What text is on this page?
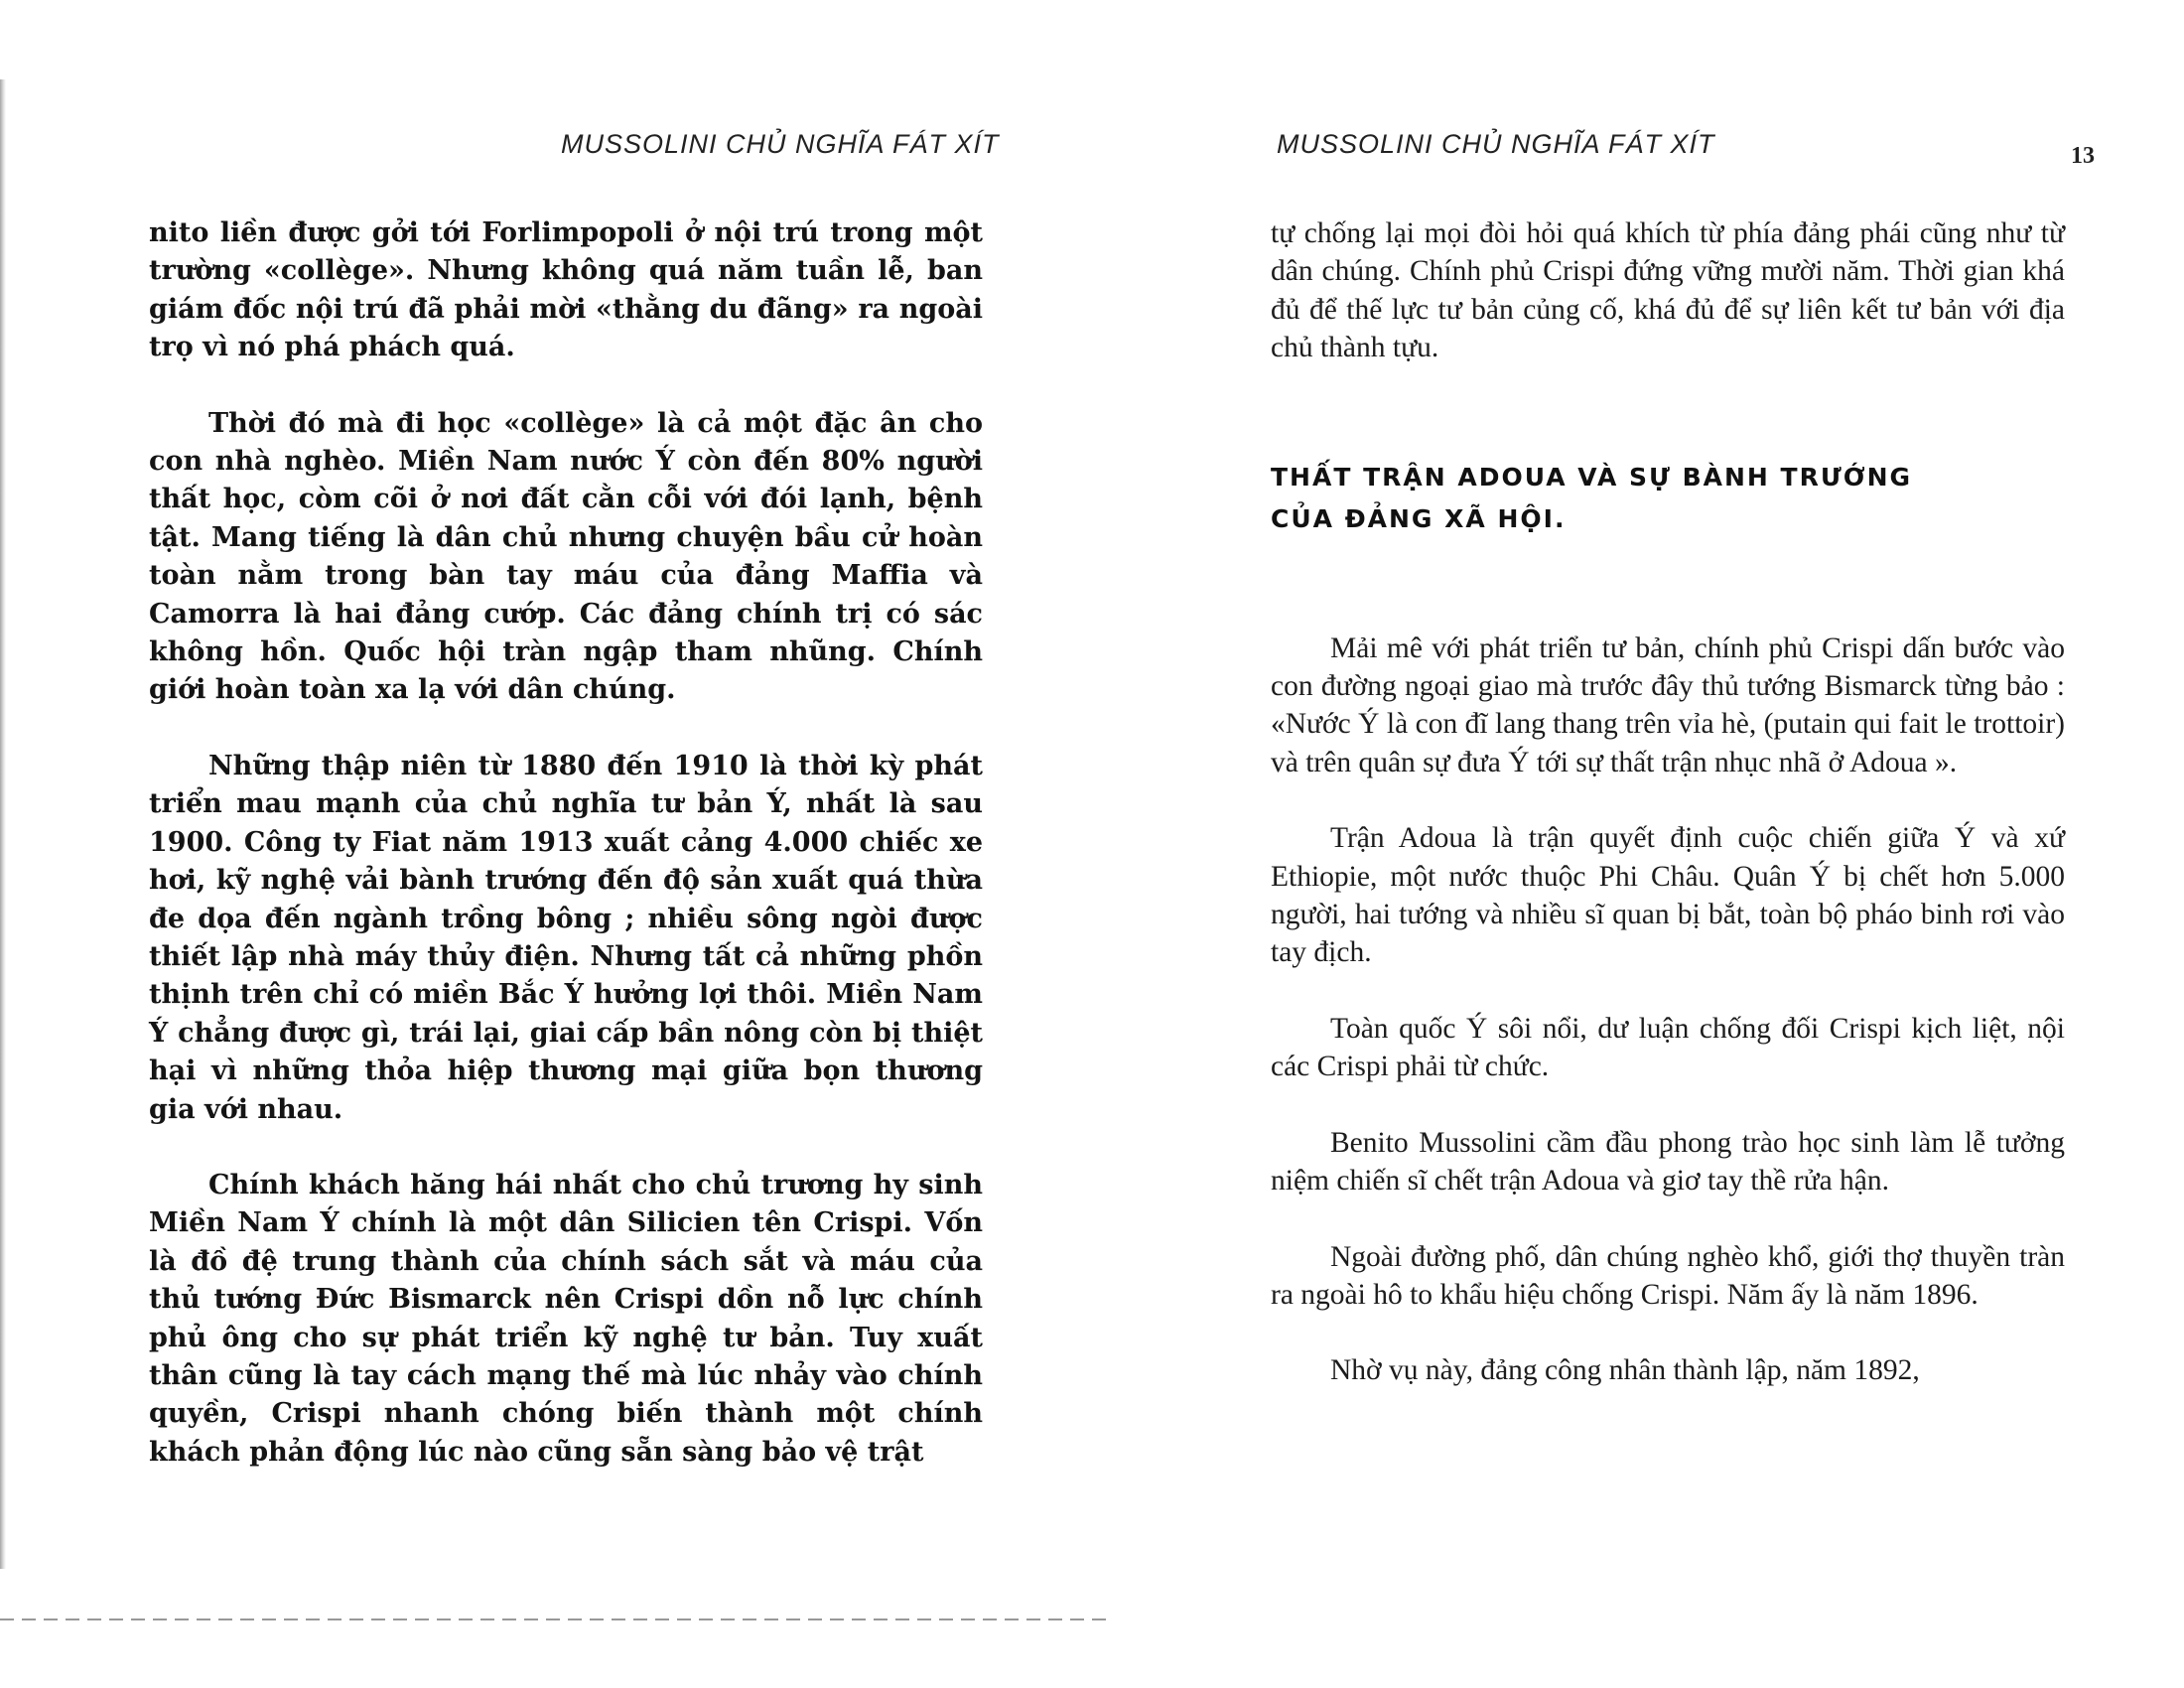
MUSSOLINI CHỦ NGHĨA FÁT XÍT

nito liền được gởi tới Forlimpopoli ở nội trú trong một trường «collège». Nhưng không quá năm tuần lễ, ban giám đốc nội trú đã phải mời «thằng du đãng» ra ngoài trọ vì nó phá phách quá.

Thời đó mà đi học «collège» là cả một đặc ân cho con nhà nghèo. Miền Nam nước Ý còn đến 80% người thất học, còm cõi ở nơi đất cằn cỗi với đói lạnh, bệnh tật. Mang tiếng là dân chủ nhưng chuyện bầu cử hoàn toàn nằm trong bàn tay máu của đảng Maffia và Camorra là hai đảng cướp. Các đảng chính trị có sác không hồn. Quốc hội tràn ngập tham nhũng. Chính giới hoàn toàn xa lạ với dân chúng.

Những thập niên từ 1880 đến 1910 là thời kỳ phát triển mau mạnh của chủ nghĩa tư bản Ý, nhất là sau 1900. Công ty Fiat năm 1913 xuất cảng 4.000 chiếc xe hơi, kỹ nghệ vải bành trướng đến độ sản xuất quá thừa đe dọa đến ngành trồng bông ; nhiều sông ngòi được thiết lập nhà máy thủy điện. Nhưng tất cả những phồn thịnh trên chỉ có miền Bắc Ý hưởng lợi thôi. Miền Nam Ý chẳng được gì, trái lại, giai cấp bần nông còn bị thiệt hại vì những thỏa hiệp thương mại giữa bọn thương gia với nhau.

Chính khách hăng hái nhất cho chủ trương hy sinh Miền Nam Ý chính là một dân Silicien tên Crispi. Vốn là đồ đệ trung thành của chính sách sắt và máu của thủ tướng Đức Bismarck nên Crispi dồn nỗ lực chính phủ ông cho sự phát triển kỹ nghệ tư bản. Tuy xuất thân cũng là tay cách mạng thế mà lúc nhảy vào chính quyền, Crispi nhanh chóng biến thành một chính khách phản động lúc nào cũng sẵn sàng bảo vệ trật

MUSSOLINI CHỦ NGHĨA FÁT XÍT	13

tự chống lại mọi đòi hỏi quá khích từ phía đảng phái cũng như từ dân chúng. Chính phủ Crispi đứng vững mười năm. Thời gian khá đủ để thế lực tư bản củng cố, khá đủ để sự liên kết tư bản với địa chủ thành tựu.

THẤT TRẬN ADOUA VÀ SỰ BÀNH TRƯỚNG
CỦA ĐẢNG XÃ HỘI.

Mải mê với phát triển tư bản, chính phủ Crispi dấn bước vào con đường ngoại giao mà trước đây thủ tướng Bismarck từng bảo : «Nước Ý là con đĩ lang thang trên vỉa hè, (putain qui fait le trottoir) và trên quân sự đưa Ý tới sự thất trận nhục nhã ở Adoua ».

Trận Adoua là trận quyết định cuộc chiến giữa Ý và xứ Ethiopie, một nước thuộc Phi Châu. Quân Ý bị chết hơn 5.000 người, hai tướng và nhiều sĩ quan bị bắt, toàn bộ pháo binh rơi vào tay địch.

Toàn quốc Ý sôi nổi, dư luận chống đối Crispi kịch liệt, nội các Crispi phải từ chức.

Benito Mussolini cầm đầu phong trào học sinh làm lễ tưởng niệm chiến sĩ chết trận Adoua và giơ tay thề rửa hận.

Ngoài đường phố, dân chúng nghèo khổ, giới thợ thuyền tràn ra ngoài hô to khẩu hiệu chống Crispi. Năm ấy là năm 1896.

Nhờ vụ này, đảng công nhân thành lập, năm 1892,
